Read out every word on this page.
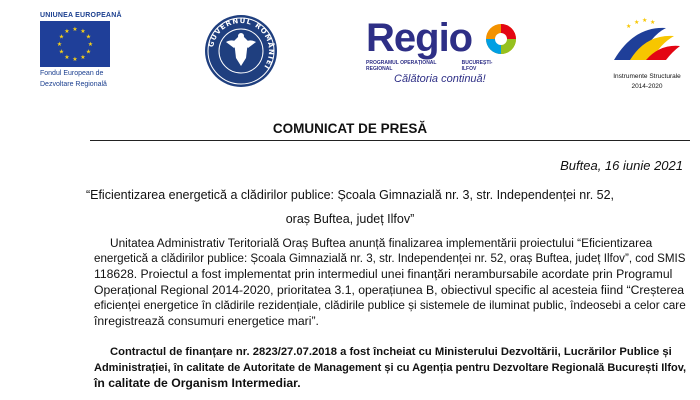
UNIUNEA EUROPEANĂ
★ ★
★
★
★
★
★
★
★
★
★
★
Fondul European de
Dezvoltare Regională
GUVERNUL ROMÂNIEI
Regio
PROGRAMUL OPERAȚIONAL REGIONAL
BUCUREȘTI-ILFOV
Călătoria continuă!
★
★ ★ ★
Instrumente Structurale
2014-2020
COMUNICAT DE PRESĂ
Buftea, 16 iunie 2021
“Eficientizarea energetică a clădirilor publice: Școala Gimnazială nr. 3, str. Independenței nr. 52,
oraș Buftea, județ Ilfov”
Unitatea Administrativ Teritorială Oraș Buftea anunță finalizarea implementării proiectului “Eficientizarea
energetică a clădirilor publice: Școala Gimnazială nr. 3, str. Independenței nr. 52, oraș Buftea, județ Ilfov”, cod SMIS
118628. Proiectul a fost implementat prin intermediul unei finanțări nerambursabile acordate prin Programul
Operațional Regional 2014-2020, prioritatea 3.1, operațiunea B, obiectivul specific al acesteia fiind “Creșterea
eficienței energetice în clădirile rezidențiale, clădirile publice și sistemele de iluminat public, îndeosebi a celor care
înregistrează consumuri energetice mari”.
Contractul de finanțare nr. 2823/27.07.2018 a fost încheiat cu Ministerului Dezvoltării, Lucrărilor Publice și
Administrației, în calitate de Autoritate de Management și cu Agenția pentru Dezvoltare Regională București Ilfov,
în calitate de Organism Intermediar.
